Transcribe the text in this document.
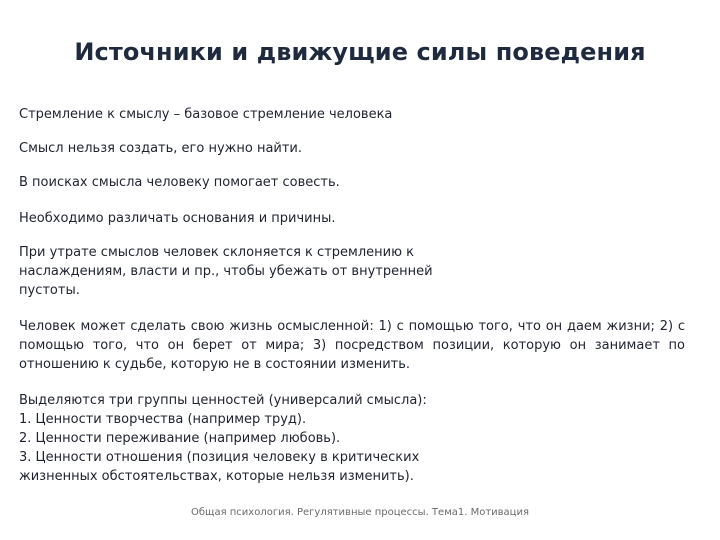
Источники и движущие силы поведения

Стремление к смыслу – базовое стремление человека

Смысл нельзя создать, его нужно найти.

В поисках смысла человеку помогает совесть.

Необходимо различать основания и причины.

При утрате смыслов человек склоняется к стремлению к наслаждениям, власти и пр., чтобы убежать от внутренней пустоты.

Человек может сделать свою жизнь осмысленной: 1) с помощью того, что он даем жизни; 2) с помощью того, что он берет от мира; 3) посредством позиции, которую он занимает по отношению к судьбе, которую не в состоянии изменить.

Выделяются три группы ценностей (универсалий смысла):
1. Ценности творчества (например труд).
2. Ценности переживание (например любовь).
3. Ценности отношения (позиция человеку в критических жизненных обстоятельствах, которые нельзя изменить).
Общая психология. Регулятивные процессы. Тема1. Мотивация
